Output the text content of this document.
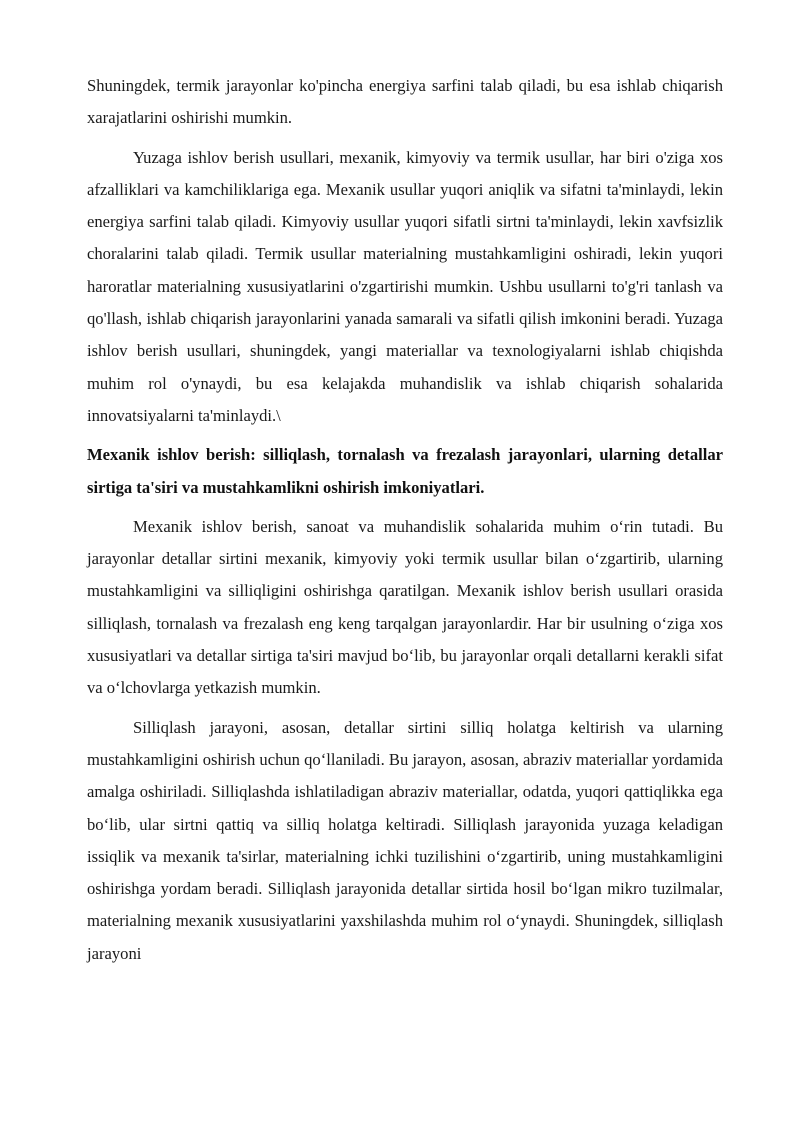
Shuningdek, termik jarayonlar ko'pincha energiya sarfini talab qiladi, bu esa ishlab chiqarish xarajatlarini oshirishi mumkin.

Yuzaga ishlov berish usullari, mexanik, kimyoviy va termik usullar, har biri o'ziga xos afzalliklari va kamchiliklariga ega. Mexanik usullar yuqori aniqlik va sifatni ta'minlaydi, lekin energiya sarfini talab qiladi. Kimyoviy usullar yuqori sifatli sirtni ta'minlaydi, lekin xavfsizlik choralarini talab qiladi. Termik usullar materialning mustahkamligini oshiradi, lekin yuqori haroratlar materialning xususiyatlarini o'zgartirishi mumkin. Ushbu usullarni to'g'ri tanlash va qo'llash, ishlab chiqarish jarayonlarini yanada samarali va sifatli qilish imkonini beradi. Yuzaga ishlov berish usullari, shuningdek, yangi materiallar va texnologiyalarni ishlab chiqishda muhim rol o'ynaydi, bu esa kelajakda muhandislik va ishlab chiqarish sohalarida innovatsiyalarni ta'minlaydi.\

Mexanik ishlov berish: silliqlash, tornalash va frezalash jarayonlari, ularning detallar sirtiga ta'siri va mustahkamlikni oshirish imkoniyatlari.

Mexanik ishlov berish, sanoat va muhandislik sohalarida muhim o‘rin tutadi. Bu jarayonlar detallar sirtini mexanik, kimyoviy yoki termik usullar bilan o‘zgartirib, ularning mustahkamligini va silliqligini oshirishga qaratilgan. Mexanik ishlov berish usullari orasida silliqlash, tornalash va frezalash eng keng tarqalgan jarayonlardir. Har bir usulning o‘ziga xos xususiyatlari va detallar sirtiga ta'siri mavjud bo‘lib, bu jarayonlar orqali detallarni kerakli sifat va o‘lchovlarga yetkazish mumkin.

Silliqlash jarayoni, asosan, detallar sirtini silliq holatga keltirish va ularning mustahkamligini oshirish uchun qo‘llaniladi. Bu jarayon, asosan, abraziv materiallar yordamida amalga oshiriladi. Silliqlashda ishlatiladigan abraziv materiallar, odatda, yuqori qattiqlikka ega bo‘lib, ular sirtni qattiq va silliq holatga keltiradi. Silliqlash jarayonida yuzaga keladigan issiqlik va mexanik ta'sirlar, materialning ichki tuzilishini o‘zgartirib, uning mustahkamligini oshirishga yordam beradi. Silliqlash jarayonida detallar sirtida hosil bo‘lgan mikro tuzilmalar, materialning mexanik xususiyatlarini yaxshilashda muhim rol o‘ynaydi. Shuningdek, silliqlash jarayoni
